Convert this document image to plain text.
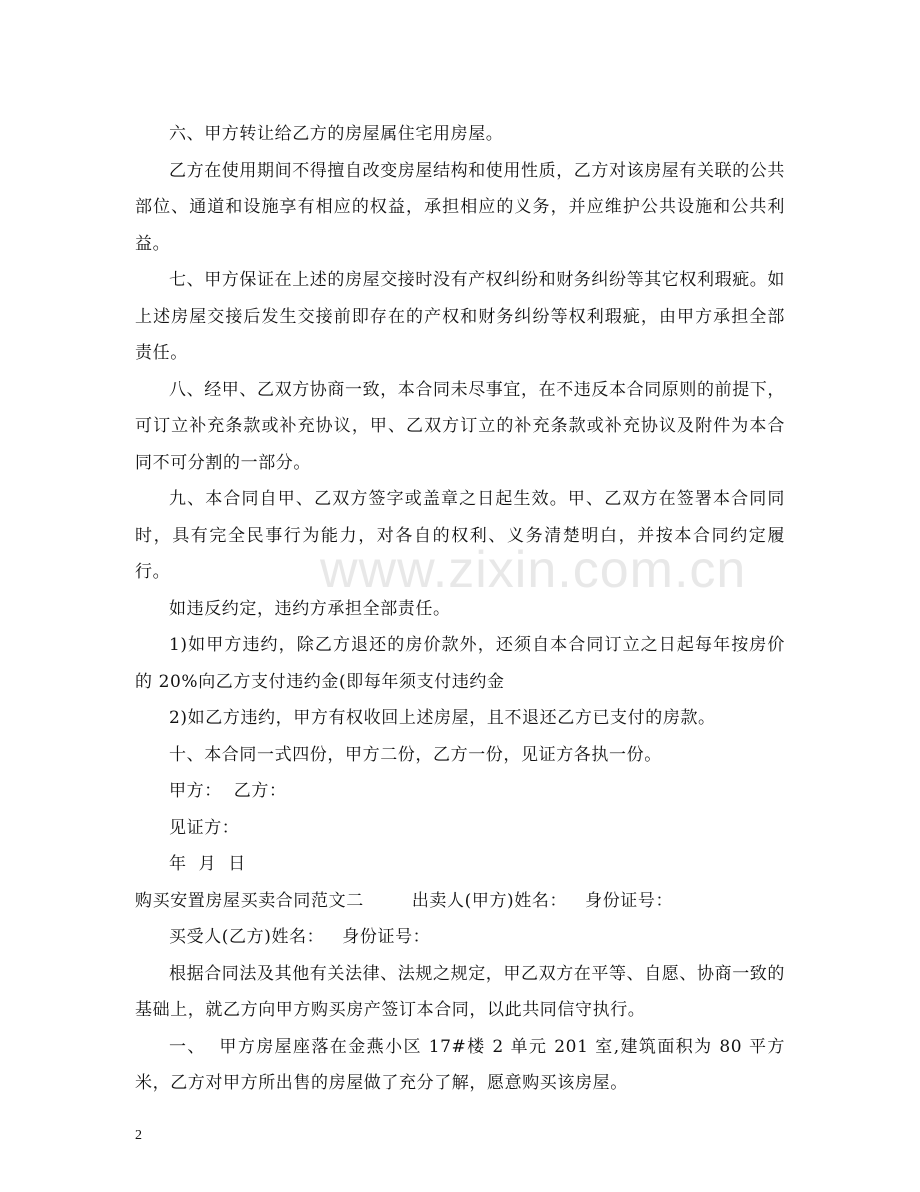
六、甲方转让给乙方的房屋属住宅用房屋。

乙方在使用期间不得擅自改变房屋结构和使用性质，乙方对该房屋有关联的公共部位、通道和设施享有相应的权益，承担相应的义务，并应维护公共设施和公共利益。

七、甲方保证在上述的房屋交接时没有产权纠纷和财务纠纷等其它权利瑕疵。如上述房屋交接后发生交接前即存在的产权和财务纠纷等权利瑕疵，由甲方承担全部责任。

八、经甲、乙双方协商一致，本合同未尽事宜，在不违反本合同原则的前提下，可订立补充条款或补充协议，甲、乙双方订立的补充条款或补充协议及附件为本合同不可分割的一部分。

九、本合同自甲、乙双方签字或盖章之日起生效。甲、乙双方在签署本合同同时，具有完全民事行为能力，对各自的权利、义务清楚明白，并按本合同约定履行。

如违反约定，违约方承担全部责任。

1)如甲方违约，除乙方退还的房价款外，还须自本合同订立之日起每年按房价的 20%向乙方支付违约金(即每年须支付违约金

2)如乙方违约，甲方有权收回上述房屋，且不退还乙方已支付的房款。

十、本合同一式四份，甲方二份，乙方一份，见证方各执一份。

甲方：  乙方：

见证方：

年  月  日

购买安置房屋买卖合同范文二        出卖人(甲方)姓名：   身份证号：

买受人(乙方)姓名：   身份证号：

根据合同法及其他有关法律、法规之规定，甲乙双方在平等、自愿、协商一致的基础上，就乙方向甲方购买房产签订本合同，以此共同信守执行。

一、  甲方房屋座落在金燕小区 17#楼 2 单元 201 室,建筑面积为 80 平方米，乙方对甲方所出售的房屋做了充分了解，愿意购买该房屋。

www.zixin.com.cn
2
